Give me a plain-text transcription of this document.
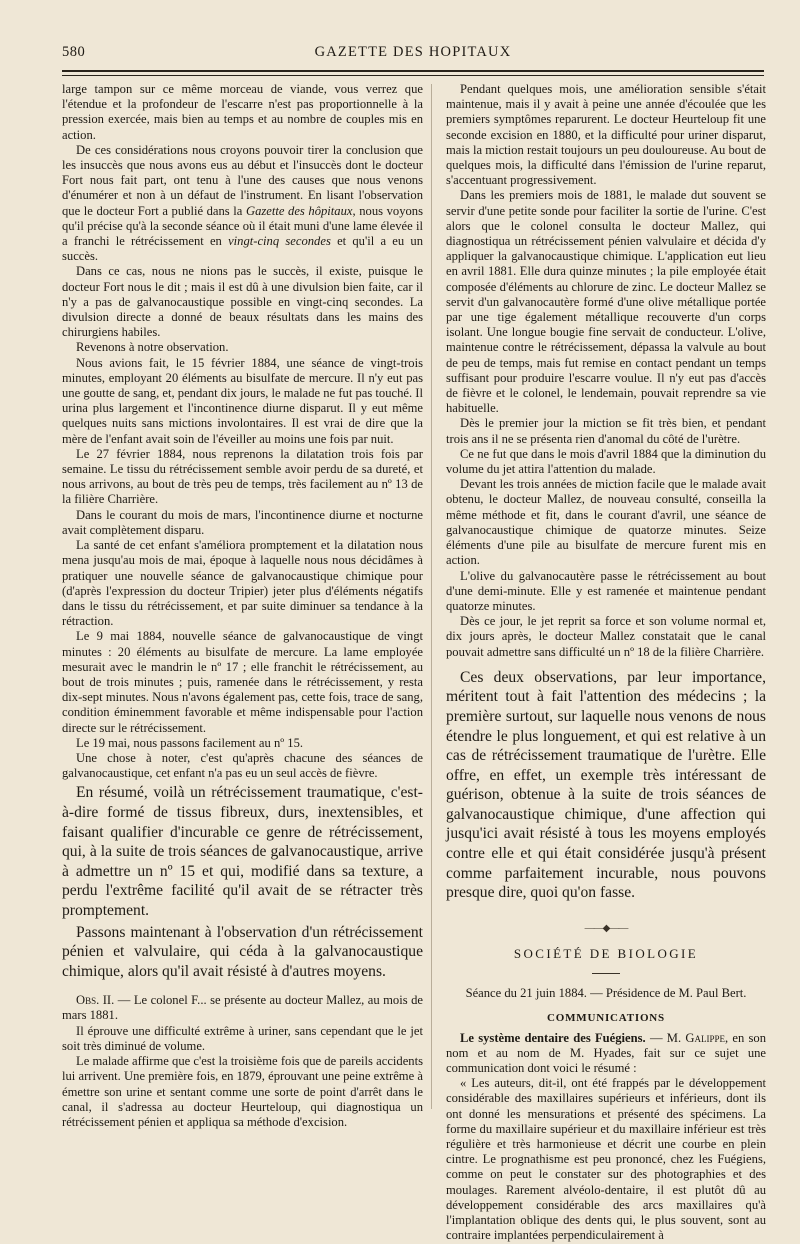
580	GAZETTE DES HOPITAUX

large tampon sur ce même morceau de viande, vous verrez que l'étendue et la profondeur de l'escarre n'est pas proportionnelle à la pression exercée, mais bien au temps et au nombre de couples mis en action.

De ces considérations nous croyons pouvoir tirer la conclusion que les insuccès que nous avons eus au début et l'insuccès dont le docteur Fort nous fait part, ont tenu à l'une des causes que nous venons d'énumérer et non à un défaut de l'instrument. En lisant l'observation que le docteur Fort a publié dans la Gazette des hôpitaux, nous voyons qu'il précise qu'à la seconde séance où il était muni d'une lame élevée il a franchi le rétrécissement en vingt-cinq secondes et qu'il a eu un succès.

Dans ce cas, nous ne nions pas le succès, il existe, puisque le docteur Fort nous le dit ; mais il est dû à une divulsion bien faite, car il n'y a pas de galvanocaustique possible en vingt-cinq secondes. La divulsion directe a donné de beaux résultats dans les mains des chirurgiens habiles.

Revenons à notre observation.

Nous avions fait, le 15 février 1884, une séance de vingt-trois minutes, employant 20 éléments au bisulfate de mercure. Il n'y eut pas une goutte de sang, et, pendant dix jours, le malade ne fut pas touché. Il urina plus largement et l'incontinence diurne disparut. Il y eut même quelques nuits sans mictions involontaires. Il est vrai de dire que la mère de l'enfant avait soin de l'éveiller au moins une fois par nuit.

Le 27 février 1884, nous reprenons la dilatation trois fois par semaine. Le tissu du rétrécissement semble avoir perdu de sa dureté, et nous arrivons, au bout de très peu de temps, très facilement au nº 13 de la filière Charrière.

Dans le courant du mois de mars, l'incontinence diurne et nocturne avait complètement disparu.

La santé de cet enfant s'améliora promptement et la dilatation nous mena jusqu'au mois de mai, époque à laquelle nous nous décidâmes à pratiquer une nouvelle séance de galvanocaustique chimique pour (d'après l'expression du docteur Tripier) jeter plus d'éléments négatifs dans le tissu du rétrécissement, et par suite diminuer sa tendance à la rétraction.

Le 9 mai 1884, nouvelle séance de galvanocaustique de vingt minutes : 20 éléments au bisulfate de mercure. La lame employée mesurait avec le mandrin le nº 17 ; elle franchit le rétrécissement, au bout de trois minutes ; puis, ramenée dans le rétrécissement, y resta dix-sept minutes. Nous n'avons également pas, cette fois, trace de sang, condition éminemment favorable et même indispensable pour l'action directe sur le rétrécissement.

Le 19 mai, nous passons facilement au nº 15.

Une chose à noter, c'est qu'après chacune des séances de galvanocaustique, cet enfant n'a pas eu un seul accès de fièvre.

En résumé, voilà un rétrécissement traumatique, c'est-à-dire formé de tissus fibreux, durs, inextensibles, et faisant qualifier d'incurable ce genre de rétrécissement, qui, à la suite de trois séances de galvanocaustique, arrive à admettre un nº 15 et qui, modifié dans sa texture, a perdu l'extrême facilité qu'il avait de se rétracter très promptement.

Passons maintenant à l'observation d'un rétrécissement pénien et valvulaire, qui céda à la galvanocaustique chimique, alors qu'il avait résisté à d'autres moyens.

Obs. II. — Le colonel F... se présente au docteur Mallez, au mois de mars 1881.

Il éprouve une difficulté extrême à uriner, sans cependant que le jet soit très diminué de volume.

Le malade affirme que c'est la troisième fois que de pareils accidents lui arrivent. Une première fois, en 1879, éprouvant une peine extrême à émettre son urine et sentant comme une sorte de point d'arrêt dans le canal, il s'adressa au docteur Heurteloup, qui diagnostiqua un rétrécissement pénien et appliqua sa méthode d'excision.

Pendant quelques mois, une amélioration sensible s'était maintenue, mais il y avait à peine une année d'écoulée que les premiers symptômes reparurent. Le docteur Heurteloup fit une seconde excision en 1880, et la difficulté pour uriner disparut, mais la miction restait toujours un peu douloureuse. Au bout de quelques mois, la difficulté dans l'émission de l'urine reparut, s'accentuant progressivement.

Dans les premiers mois de 1881, le malade dut souvent se servir d'une petite sonde pour faciliter la sortie de l'urine. C'est alors que le colonel consulta le docteur Mallez, qui diagnostiqua un rétrécissement pénien valvulaire et décida d'y appliquer la galvanocaustique chimique. L'application eut lieu en avril 1881. Elle dura quinze minutes ; la pile employée était composée d'éléments au chlorure de zinc. Le docteur Mallez se servit d'un galvanocautère formé d'une olive métallique portée par une tige également métallique recouverte d'un corps isolant. Une longue bougie fine servait de conducteur. L'olive, maintenue contre le rétrécissement, dépassa la valvule au bout de peu de temps, mais fut remise en contact pendant un temps suffisant pour produire l'escarre voulue. Il n'y eut pas d'accès de fièvre et le colonel, le lendemain, pouvait reprendre sa vie habituelle.

Dès le premier jour la miction se fit très bien, et pendant trois ans il ne se présenta rien d'anomal du côté de l'urètre.

Ce ne fut que dans le mois d'avril 1884 que la diminution du volume du jet attira l'attention du malade.

Devant les trois années de miction facile que le malade avait obtenu, le docteur Mallez, de nouveau consulté, conseilla la même méthode et fit, dans le courant d'avril, une séance de galvanocaustique chimique de quatorze minutes. Seize éléments d'une pile au bisulfate de mercure furent mis en action.

L'olive du galvanocautère passe le rétrécissement au bout d'une demi-minute. Elle y est ramenée et maintenue pendant quatorze minutes.

Dès ce jour, le jet reprit sa force et son volume normal et, dix jours après, le docteur Mallez constatait que le canal pouvait admettre sans difficulté un nº 18 de la filière Charrière.

Ces deux observations, par leur importance, méritent tout à fait l'attention des médecins ; la première surtout, sur laquelle nous venons de nous étendre le plus longuement, et qui est relative à un cas de rétrécissement traumatique de l'urètre. Elle offre, en effet, un exemple très intéressant de guérison, obtenue à la suite de trois séances de galvanocaustique chimique, d'une affection qui jusqu'ici avait résisté à tous les moyens employés contre elle et qui était considérée jusqu'à présent comme parfaitement incurable, nous pouvons presque dire, quoi qu'on fasse.

——◆——
SOCIÉTÉ DE BIOLOGIE
Séance du 21 juin 1884. — Présidence de M. Paul Bert.
COMMUNICATIONS

Le système dentaire des Fuégiens. — M. Galippe, en son nom et au nom de M. Hyades, fait sur ce sujet une communication dont voici le résumé :

« Les auteurs, dit-il, ont été frappés par le développement considérable des maxillaires supérieurs et inférieurs, dont ils ont donné les mensurations et présenté des spécimens. La forme du maxillaire supérieur et du maxillaire inférieur est très régulière et très harmonieuse et décrit une courbe en plein cintre. Le prognathisme est peu prononcé, chez les Fuégiens, comme on peut le constater sur des photographies et des moulages. Rarement alvéolo-dentaire, il est plutôt dû au développement considérable des arcs maxillaires qu'à l'implantation oblique des dents qui, le plus souvent, sont au contraire implantées perpendiculairement à
